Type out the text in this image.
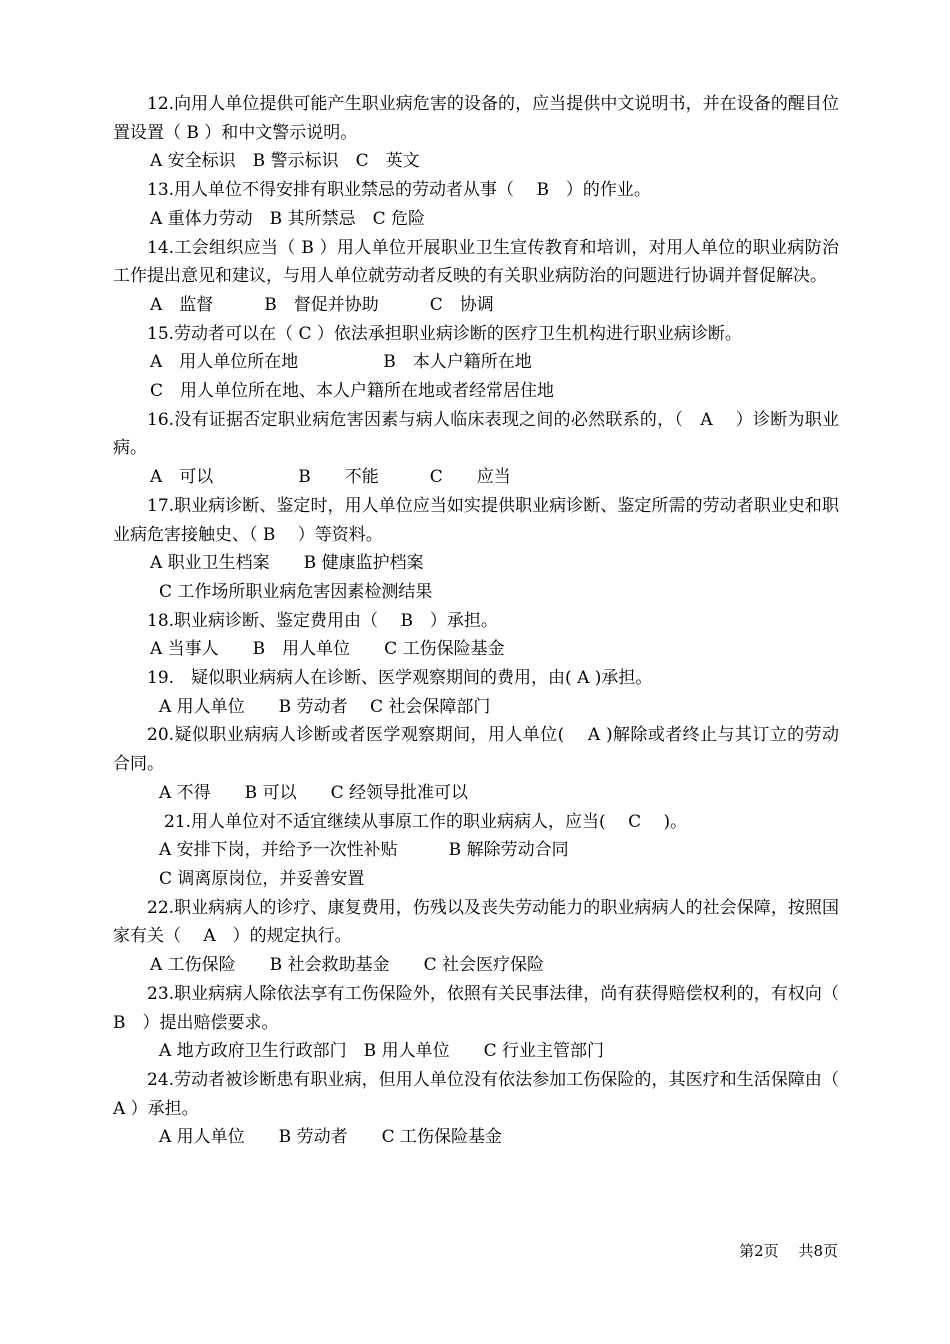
12.向用人单位提供可能产生职业病危害的设备的，应当提供中文说明书，并在设备的醒目位置设置（ B ）和中文警示说明。

A 安全标识　B 警示标识　C　英文

13.用人单位不得安排有职业禁忌的劳动者从事（　 B　）的作业。

A 重体力劳动　B 其所禁忌　C 危险

14.工会组织应当（ B ）用人单位开展职业卫生宣传教育和培训，对用人单位的职业病防治工作提出意见和建议，与用人单位就劳动者反映的有关职业病防治的问题进行协调并督促解决。

A　监督　　　B　督促并协助　　　C　协调

15.劳动者可以在（ C ）依法承担职业病诊断的医疗卫生机构进行职业病诊断。

A　用人单位所在地　　　　　B　本人户籍所在地

C　用人单位所在地、本人户籍所在地或者经常居住地

16.没有证据否定职业病危害因素与病人临床表现之间的必然联系的，（　A　 ）诊断为职业病。

A　可以　　　　　B　　不能　　　C　　应当

17.职业病诊断、鉴定时，用人单位应当如实提供职业病诊断、鉴定所需的劳动者职业史和职业病危害接触史、（ B　 ）等资料。

A 职业卫生档案　　B 健康监护档案

C 工作场所职业病危害因素检测结果

18.职业病诊断、鉴定费用由（　 B　）承担。

A 当事人　　B　用人单位　　C 工伤保险基金

19.　疑似职业病病人在诊断、医学观察期间的费用，由( A )承担。

A 用人单位　　B 劳动者　 C 社会保障部门

20.疑似职业病病人诊断或者医学观察期间，用人单位(　 A )解除或者终止与其订立的劳动合同。

A 不得　　B 可以　　C 经领导批准可以

　21.用人单位对不适宜继续从事原工作的职业病病人，应当(　 C　 )。

A 安排下岗，并给予一次性补贴　　　B 解除劳动合同

C 调离原岗位，并妥善安置

22.职业病病人的诊疗、康复费用，伤残以及丧失劳动能力的职业病病人的社会保障，按照国家有关（　 A　）的规定执行。

A 工伤保险　　B 社会救助基金　　C 社会医疗保险

23.职业病病人除依法享有工伤保险外，依照有关民事法律，尚有获得赔偿权利的，有权向（　 B　）提出赔偿要求。

A 地方政府卫生行政部门　B 用人单位　　C 行业主管部门

24.劳动者被诊断患有职业病，但用人单位没有依法参加工伤保险的，其医疗和生活保障由（ A ）承担。

A 用人单位　　B 劳动者　　C 工伤保险基金

第2页　 共8页
